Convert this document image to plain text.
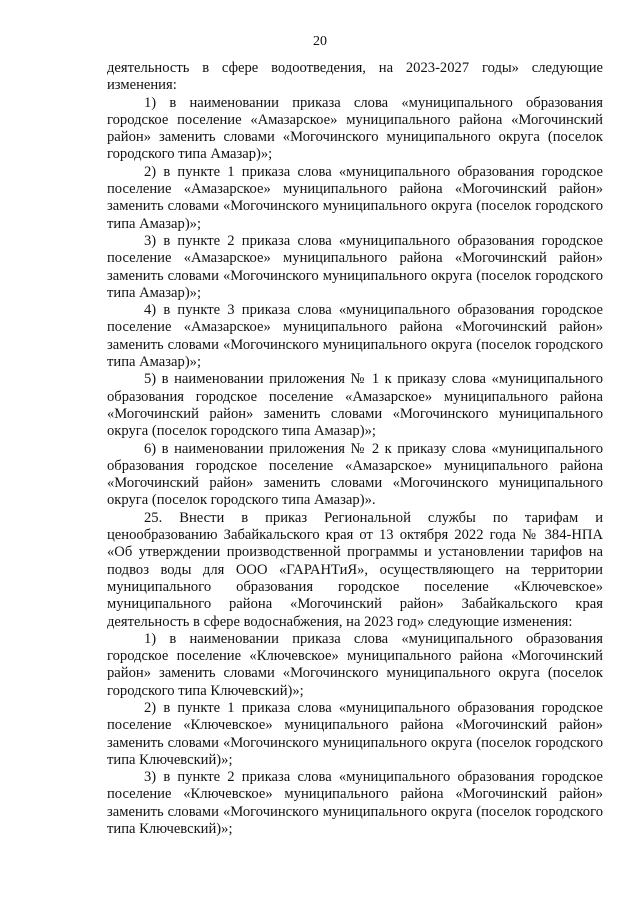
20

деятельность в сфере водоотведения, на 2023-2027 годы» следующие изменения:

1) в наименовании приказа слова «муниципального образования городское поселение «Амазарское» муниципального района «Могочинский район» заменить словами «Могочинского муниципального округа (поселок городского типа Амазар)»;

2) в пункте 1 приказа слова «муниципального образования городское поселение «Амазарское» муниципального района «Могочинский район» заменить словами «Могочинского муниципального округа (поселок городского типа Амазар)»;

3) в пункте 2 приказа слова «муниципального образования городское поселение «Амазарское» муниципального района «Могочинский район» заменить словами «Могочинского муниципального округа (поселок городского типа Амазар)»;

4) в пункте 3 приказа слова «муниципального образования городское поселение «Амазарское» муниципального района «Могочинский район» заменить словами «Могочинского муниципального округа (поселок городского типа Амазар)»;

5) в наименовании приложения № 1 к приказу слова «муниципального образования городское поселение «Амазарское» муниципального района «Могочинский район» заменить словами «Могочинского муниципального округа (поселок городского типа Амазар)»;

6) в наименовании приложения № 2 к приказу слова «муниципального образования городское поселение «Амазарское» муниципального района «Могочинский район» заменить словами «Могочинского муниципального округа (поселок городского типа Амазар)».

25. Внести в приказ Региональной службы по тарифам и ценообразованию Забайкальского края от 13 октября 2022 года № 384-НПА «Об утверждении производственной программы и установлении тарифов на подвоз воды для ООО «ГАРАНТиЯ», осуществляющего на территории муниципального образования городское поселение «Ключевское» муниципального района «Могочинский район» Забайкальского края деятельность в сфере водоснабжения, на 2023 год» следующие изменения:

1) в наименовании приказа слова «муниципального образования городское поселение «Ключевское» муниципального района «Могочинский район» заменить словами «Могочинского муниципального округа (поселок городского типа Ключевский)»;

2) в пункте 1 приказа слова «муниципального образования городское поселение «Ключевское» муниципального района «Могочинский район» заменить словами «Могочинского муниципального округа (поселок городского типа Ключевский)»;

3) в пункте 2 приказа слова «муниципального образования городское поселение «Ключевское» муниципального района «Могочинский район» заменить словами «Могочинского муниципального округа (поселок городского типа Ключевский)»;
